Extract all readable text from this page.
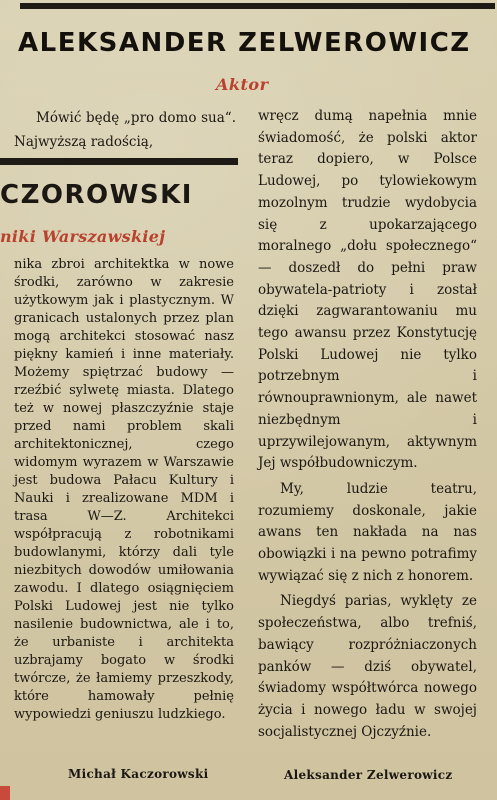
ALEKSANDER ZELWEROWICZ
Aktor

Mówić będę „pro domo sua“. Najwyższą radością,

CZOROWSKI
niki Warszawskiej

nika zbroi architektka w nowe środki, zarówno w zakresie użytkowym jak i plastycznym. W granicach ustalonych przez plan mogą architekci stosować nasz piękny kamień i inne materiały. Możemy spiętrzać budowy — rzeźbić sylwetę miasta. Dlatego też w nowej płaszczyźnie staje przed nami problem skali architektonicznej, czego widomym wyrazem w Warszawie jest budowa Pałacu Kultury i Nauki i zrealizowane MDM i trasa W—Z. Architekci współpracują z robotnikami budowlanymi, którzy dali tyle niezbitych dowodów umiłowania zawodu. I dlatego osiągnięciem Polski Ludowej jest nie tylko nasilenie budownictwa, ale i to, że urbaniste i architekta uzbrajamy bogato w środki twórcze, że łamiemy przeszkody, które hamowały pełnię wypowiedzi geniuszu ludzkiego.

wręcz dumą napełnia mnie świadomość, że polski aktor teraz dopiero, w Polsce Ludowej, po tylowiekowym mozolnym trudzie wydobycia się z upokarzającego moralnego „dołu społecznego“ — doszedł do pełni praw obywatela-patrioty i został dzięki zagwarantowaniu mu tego awansu przez Konstytucję Polski Ludowej nie tylko potrzebnym i równouprawnionym, ale nawet niezbędnym i uprzywilejowanym, aktywnym Jej współbudowniczym.

My, ludzie teatru, rozumiemy doskonale, jakie awans ten nakłada na nas obowiązki i na pewno potrafimy wywiązać się z nich z honorem.

Niegdyś parias, wyklęty ze społeczeństwa, albo trefniś, bawiący rozpróżniaczonych panków — dziś obywatel, świadomy współtwórca nowego życia i nowego ładu w swojej socjalistycznej Ojczyźnie.

Michał Kaczorowski	Aleksander Zelwerowicz
